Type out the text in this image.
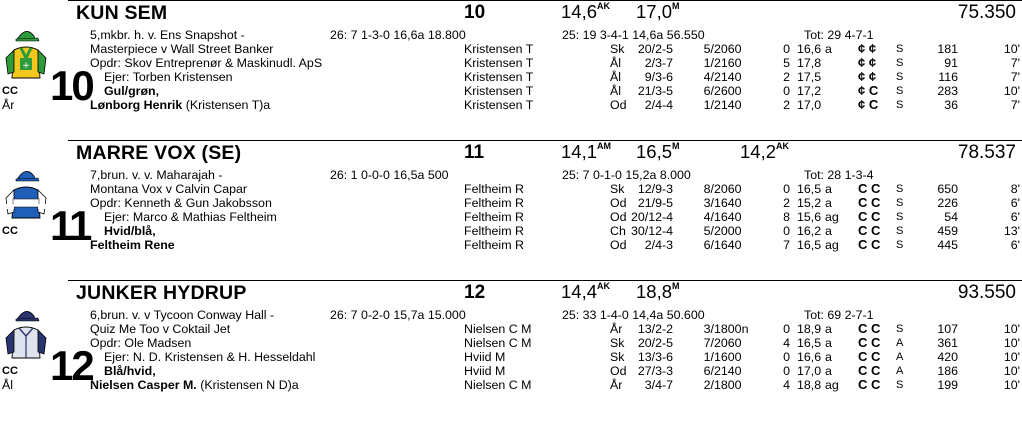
KUN SEM	10	$14,6^{AK}$ $17,0^M$	75.350
+ 10
5,mkbr. h. v. Ens Snapshot -	26: 7 1-3-0 16,6a 18.800
Masterpiece v Wall Street Banker
Opdr: Skov Entreprenør & Maskinudl. ApS
Ejer: Torben Kristensen
Gul/grøn,
Lønborg Henrik (Kristensen T)a
CC
År
25: 19 3-4-1 14,6a 56.550	Tot: 29 4-7-1
Kristensen T	Sk	20/2 -5	5/ 2060	0 16,6 a ¢ ¢ S	181	10'
Kristensen T	Ål	2/3 -7	1/ 2160	5 17,8	¢ ¢ S	91	7'
Kristensen T	Ål	9/3 -6	4/ 2140	2 17,5	¢ ¢ S	116	7'
Kristensen T	Ål	21/3 -5	6/ 2600	0 17,2	¢ C S	283	10'
Kristensen T	Od	2/4 -4	1/ 2140	2 17,0	¢ C S	36	7'
MARRE VOX (SE)	11	$14,1^{AM}$ $16,5^M$	$14,2^{AK}$	78.537
11
7,brun. v. v. Maharajah -	26: 1 0-0-0 16,5a 500
Montana Vox v Calvin Capar
Opdr: Kenneth & Gun Jakobsson
Ejer: Marco & Mathias Feltheim
Hvid/blå,
Feltheim Rene
CC
25: 7 0-1-0 15,2a 8.000	Tot: 28 1-3-4
Feltheim R	Sk	12/9 -3	8/ 2060	0 16,5 a C C S	650	8'
Feltheim R	Od 21/9 -5	3/ 1640	2 15,2 a C C S	226	6'
Feltheim R	Od 20/12 -4	4/ 1640	8 15,6 ag C C S	54	6'
Feltheim R	Ch 30/12 -4	5/ 2000	0 16,2 a C C S	459	13'
Feltheim R	Od	2/4 -3	6/ 1640	7 16,5 ag C C S	445	6'
JUNKER HYDRUP	12	$14,4^{AK}$ $18,8^M$	93.550
12
6,brun. v. v Tycoon Conway Hall -	26: 7 0-2-0 15,7a 15.000
Quiz Me Too v Coktail Jet
Opdr: Ole Madsen
Ejer: N. D. Kristensen & H. Hesseldahl
Blå/hvid,
Nielsen Casper M. (Kristensen N D)a
CC
Ål
25: 33 1-4-0 14,4a 50.600	Tot: 69 2-7-1
Nielsen C M	År	13/2 -2	3/ 1800n	0 18,9 a C C S	107	10'
Nielsen C M	Sk	20/2 -5	7/ 2060	4 16,5 a C C A	361	10'
Hviid M	Sk	13/3 -6	1/ 1600	0 16,6 a C C A	420	10'
Hviid M	Od 27/3 -3	6/ 2140	0 17,0 a C C A	186	10'
Nielsen C M	År	3/4 -7	2/ 1800	4 18,8 ag C C S	199	10'
